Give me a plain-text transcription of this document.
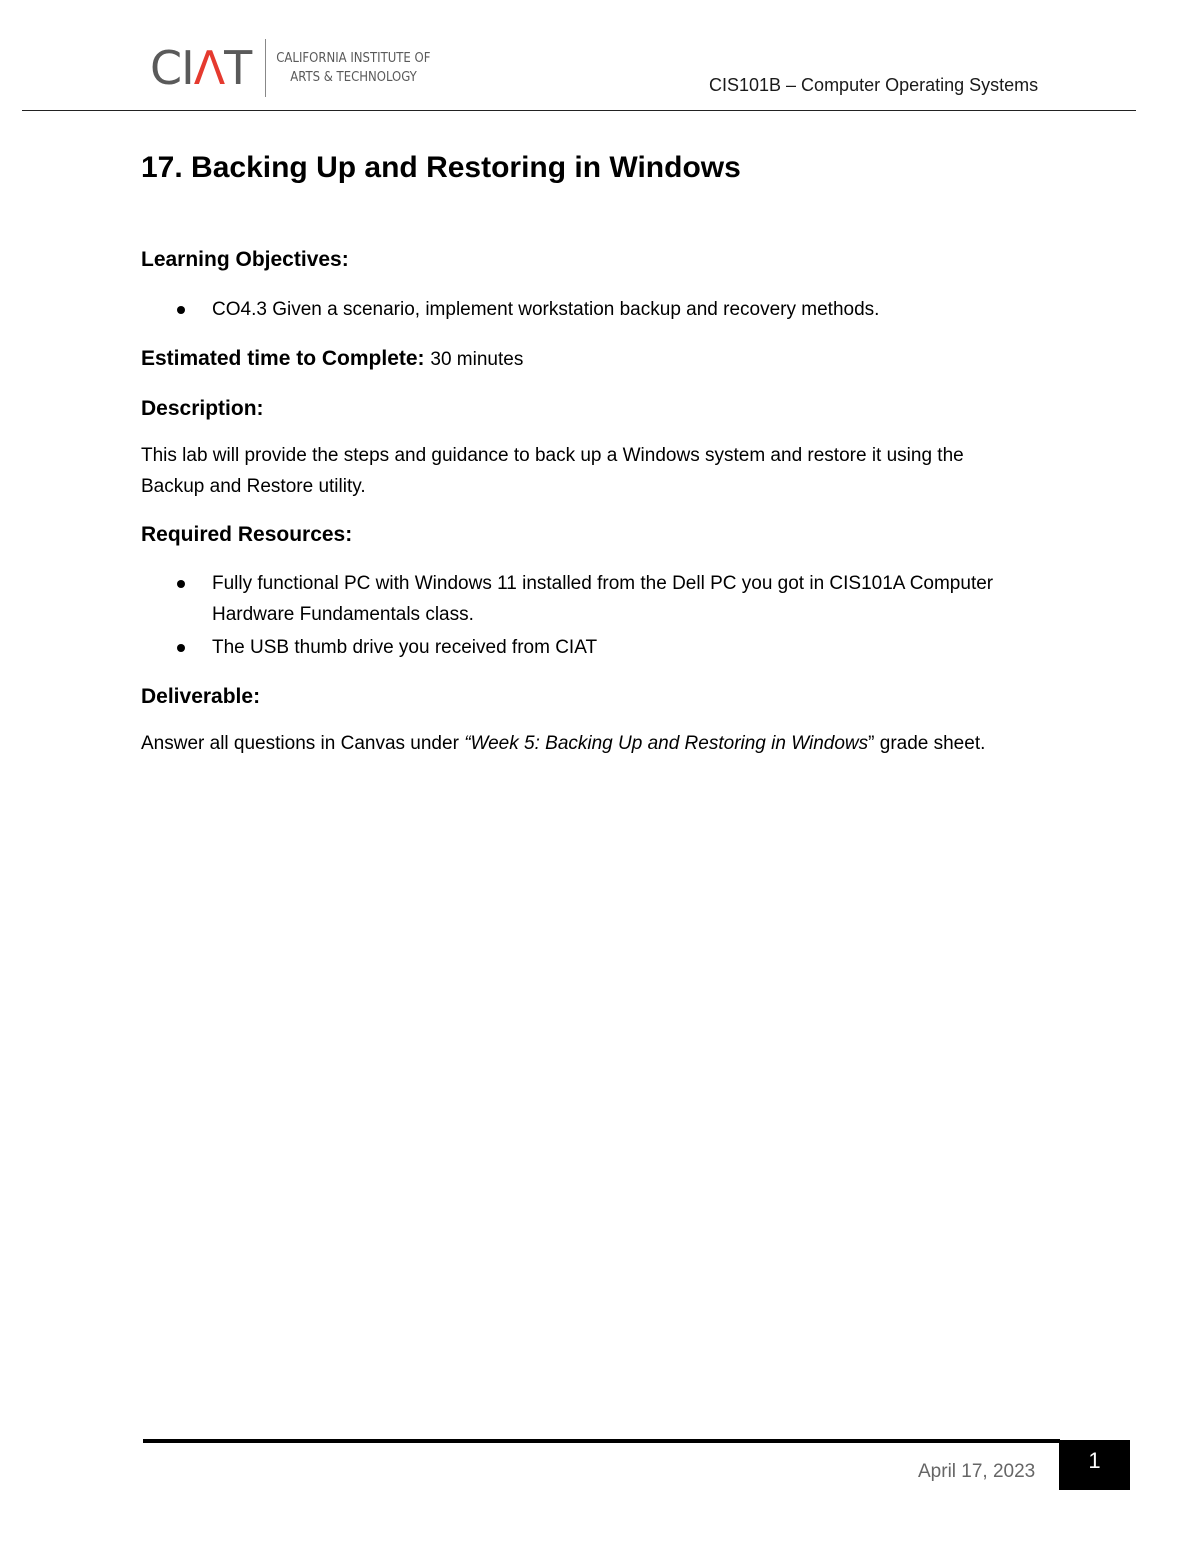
CIΛT CALIFORNIA INSTITUTE OF
ARTS & TECHNOLOGY	CIS101B – Computer Operating Systems
17. Backing Up and Restoring in Windows
Learning Objectives:
CO4.3 Given a scenario, implement workstation backup and recovery methods.
Estimated time to Complete: 30 minutes
Description:

This lab will provide the steps and guidance to back up a Windows system and restore it using the Backup and Restore utility.

Required Resources:
Fully functional PC with Windows 11 installed from the Dell PC you got in CIS101A Computer Hardware Fundamentals class.
The USB thumb drive you received from CIAT
Deliverable:

Answer all questions in Canvas under “Week 5: Backing Up and Restoring in Windows” grade sheet.

April 17, 2023 1
